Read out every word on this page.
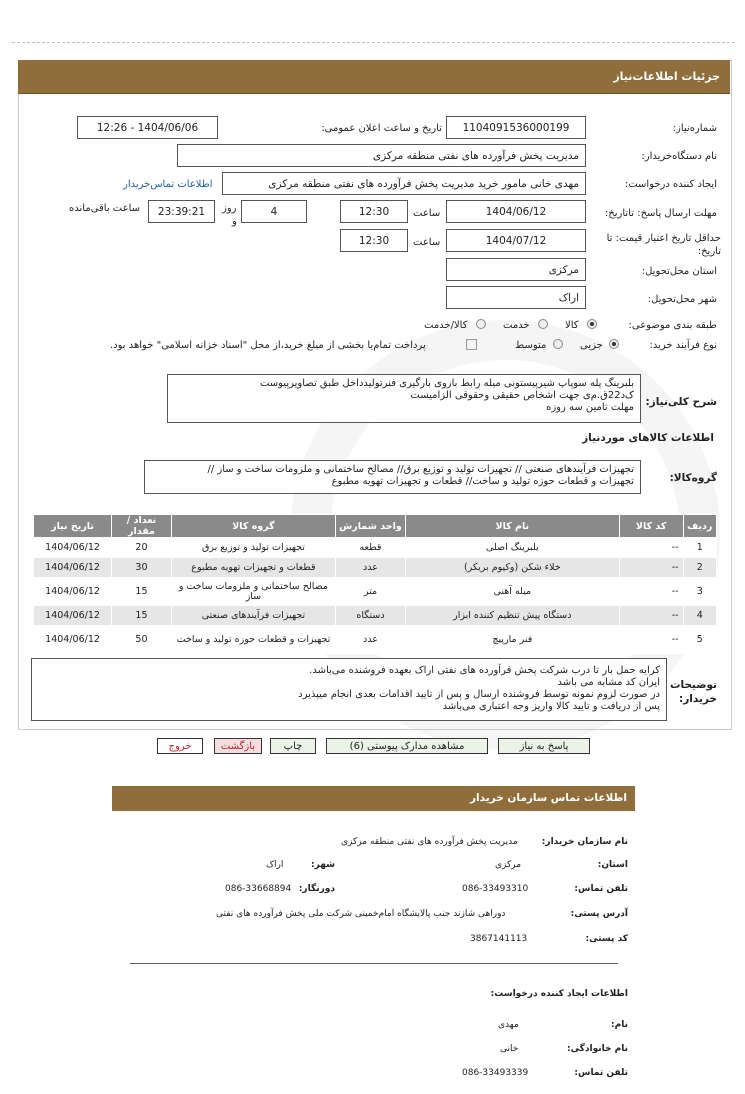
جزئیات اطلاعات‌نیاز
شماره‌نیاز:
1104091536000199
تاریخ و ساعت اعلان عمومی:
1404/06/06 - 12:26
نام دستگاه‌خریدار:
مدیریت پخش فرآورده های نفتی منطقه مرکزی
ایجاد کننده درخواست:
مهدی خانی مامور خرید مدیریت پخش فرآورده های نفتی منطقه مرکزی
اطلاعات تماس‌خریدار
مهلت ارسال پاسخ: تاتاریخ:
1404/06/12
ساعت
12:30
4
روز
و
23:39:21
ساعت باقی‌مانده
حداقل تاریخ اعتبار قیمت: تا تاریخ:
1404/07/12
ساعت
12:30
استان محل‌تحویل:
مرکزی
شهر محل‌تحویل:
اراک
طبقه بندی موضوعی:
کالا
خدمت
کالا/خدمت
نوع فرآیند خرید:
جزیی
متوسط
پرداخت تمام‌یا بخشی از مبلغ خرید،از محل "اسناد خزانه اسلامی" خواهد بود.
شرح کلی‌نیاز:
بلبرینگ پله سوپاپ شیرپیستونی میله رابط بازوی بارگیری فنرتولیدداخل طبق تصاویرپیوست
ک‌د22ق.م‌ی جهت اشخاص حقیقی وحقوقی الزامیست
مهلت تامین سه روزه
اطلاعات کالاهای موردنیاز
گروه‌کالا:
تجهیزات فرآیندهای صنعتی // تجهیزات تولید و توزیع برق// مصالح ساختمانی و ملزومات ساخت و ساز //
تجهیزات و قطعات حوزه تولید و ساخت// قطعات و تجهیزات تهویه مطبوع
ردیف	کد کالا	نام کالا	واحد شمارش	گروه کالا	تعداد / مقدار	تاریخ نیاز
1	--	بلبرینگ اصلی	قطعه	تجهیزات تولید و توزیع برق	20	1404/06/12
2	--	خلاء شکن (وکیوم بریکر)	عدد	قطعات و تجهیزات تهویه مطبوع	30	1404/06/12
3	--	میله آهنی	متر	مصالح ساختمانی و ملزومات ساخت و ساز	15	1404/06/12
4	--	دستگاه پیش تنظیم کننده ابزار	دستگاه	تجهیزات فرآیندهای صنعتی	15	1404/06/12
5	--	فنر مارپیچ	عدد	تجهیزات و قطعات حوزه تولید و ساخت	50	1404/06/12
توضیحات خریدار:
کرایه حمل بار تا درب شرکت پخش فرآورده های نفتی اراک بعهده فروشنده می‌باشد.
ایران کد مشابه می باشد
در صورت لزوم نمونه توسط فروشنده ارسال و پس از تایید اقدامات بعدی انجام میپذیرد
پس از دریافت و تایید کالا واریز وجه اعتباری می‌باشد
پاسخ به نیاز
مشاهده مدارک پیوستی (6)
چاپ
بازگشت
خروج
اطلاعات تماس سازمان خریدار
نام سازمان خریدار:
مدیریت پخش فرآورده های نفتی منطقه مرکزی
استان:
مرکزی
شهر:
اراک
تلفن تماس:
086-33493310
دورنگار:
086-33668894
آدرس پستی:
دوراهی شازند جنب پالایشگاه امام‌خمینی شرکت ملی پخش فرآورده های نفتی
کد پستی:
3867141113
اطلاعات ایجاد کننده درخواست:
نام:
مهدی
نام خانوادگی:
خانی
تلفن تماس:
086-33493339
